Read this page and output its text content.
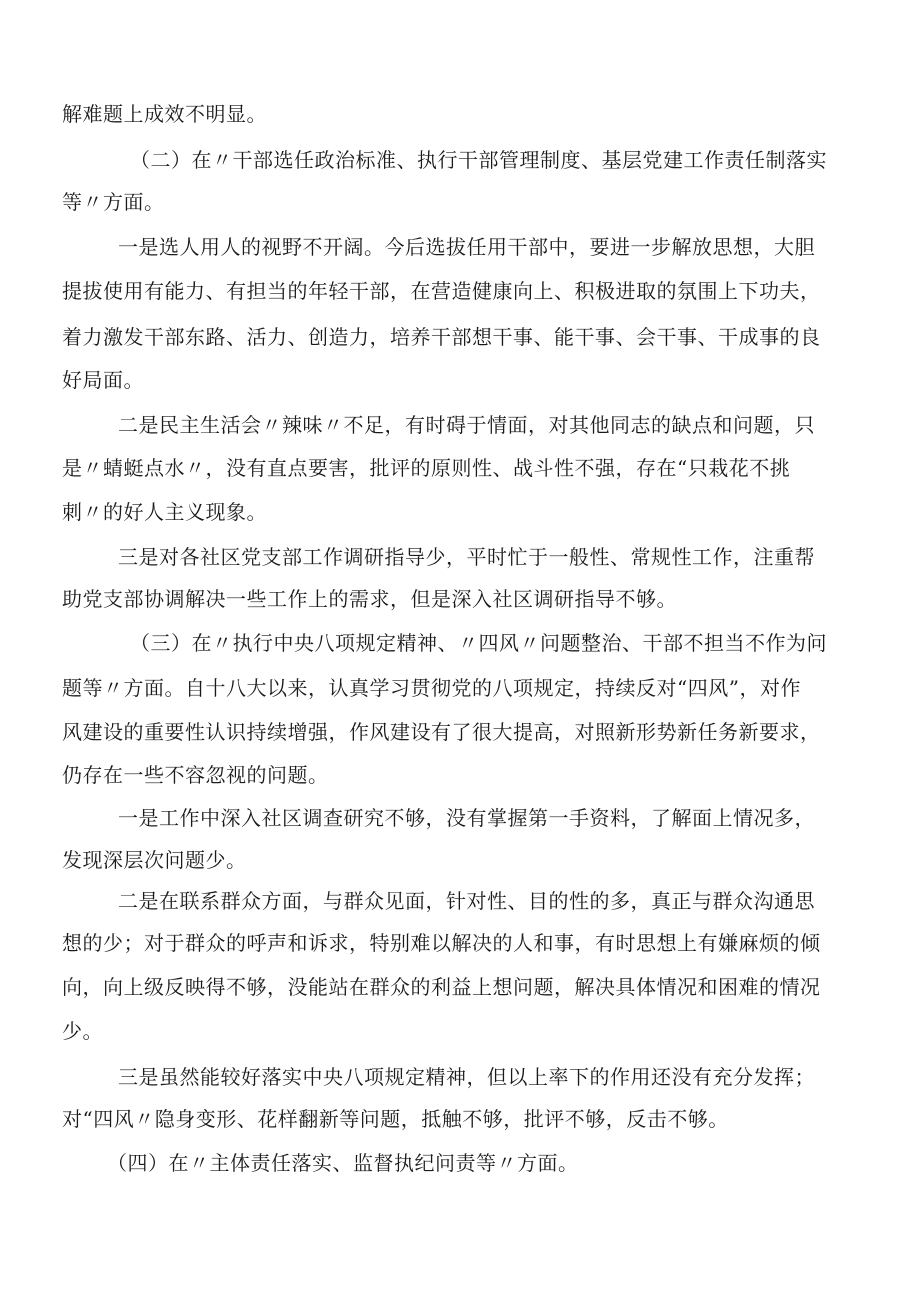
解难题上成效不明显。
（二）在〃干部选任政治标准、执行干部管理制度、基层党建工作责任制落实
等〃方面。
一是选人用人的视野不开阔。今后选拔任用干部中，要进一步解放思想，大胆
提拔使用有能力、有担当的年轻干部，在营造健康向上、积极进取的氛围上下功夫，
着力激发干部东路、活力、创造力，培养干部想干事、能干事、会干事、干成事的良
好局面。
二是民主生活会〃辣味〃不足，有时碍于情面，对其他同志的缺点和问题，只
是〃蜻蜓点水〃，没有直点要害，批评的原则性、战斗性不强，存在“只栽花不挑
刺〃的好人主义现象。
三是对各社区党支部工作调研指导少，平时忙于一般性、常规性工作，注重帮
助党支部协调解决一些工作上的需求，但是深入社区调研指导不够。
（三）在〃执行中央八项规定精神、〃四风〃问题整治、干部不担当不作为问
题等〃方面。自十八大以来，认真学习贯彻党的八项规定，持续反对“四风”，对作
风建设的重要性认识持续增强，作风建设有了很大提高，对照新形势新任务新要求，
仍存在一些不容忽视的问题。
一是工作中深入社区调查研究不够，没有掌握第一手资料，了解面上情况多，
发现深层次问题少。
二是在联系群众方面，与群众见面，针对性、目的性的多，真正与群众沟通思
想的少；对于群众的呼声和诉求，特别难以解决的人和事，有时思想上有嫌麻烦的倾
向，向上级反映得不够，没能站在群众的利益上想问题，解决具体情况和困难的情况
少。
三是虽然能较好落实中央八项规定精神，但以上率下的作用还没有充分发挥；
对“四风〃隐身变形、花样翻新等问题，抵触不够，批评不够，反击不够。
（四）在〃主体责任落实、监督执纪问责等〃方面。
